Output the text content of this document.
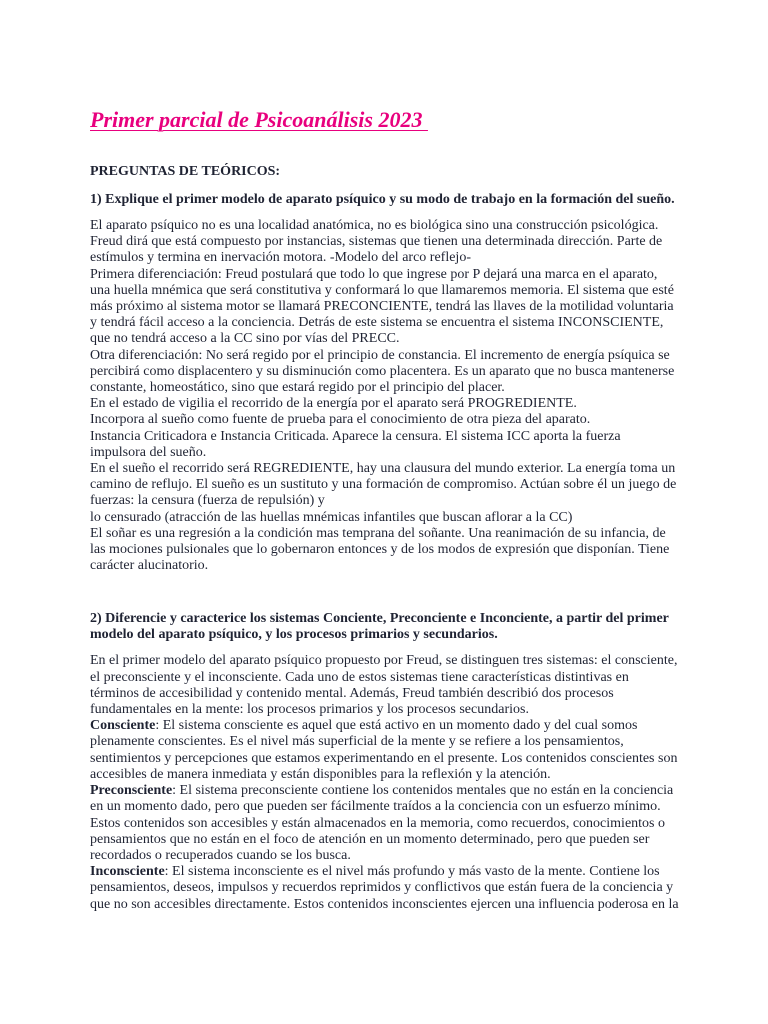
Primer parcial de Psicoanálisis 2023
PREGUNTAS DE TEÓRICOS:
1) Explique el primer modelo de aparato psíquico y su modo de trabajo en la formación del sueño.

El aparato psíquico no es una localidad anatómica, no es biológica sino una construcción psicológica. Freud dirá que está compuesto por instancias, sistemas que tienen una determinada dirección. Parte de estímulos y termina en inervación motora. -Modelo del arco reflejo-

Primera diferenciación: Freud postulará que todo lo que ingrese por P dejará una marca en el aparato, una huella mnémica que será constitutiva y conformará lo que llamaremos memoria. El sistema que esté más próximo al sistema motor se llamará PRECONCIENTE, tendrá las llaves de la motilidad voluntaria y tendrá fácil acceso a la conciencia. Detrás de este sistema se encuentra el sistema INCONSCIENTE, que no tendrá acceso a la CC sino por vías del PRECC.

Otra diferenciación: No será regido por el principio de constancia. El incremento de energía psíquica se percibirá como displacentero y su disminución como placentera. Es un aparato que no busca mantenerse constante, homeostático, sino que estará regido por el principio del placer.

En el estado de vigilia el recorrido de la energía por el aparato será PROGREDIENTE.

Incorpora al sueño como fuente de prueba para el conocimiento de otra pieza del aparato.

Instancia Criticadora e Instancia Criticada. Aparece la censura. El sistema ICC aporta la fuerza impulsora del sueño.

En el sueño el recorrido será REGREDIENTE, hay una clausura del mundo exterior. La energía toma un camino de reflujo. El sueño es un sustituto y una formación de compromiso. Actúan sobre él un juego de fuerzas: la censura (fuerza de repulsión) y

lo censurado (atracción de las huellas mnémicas infantiles que buscan aflorar a la CC)

El soñar es una regresión a la condición mas temprana del soñante. Una reanimación de su infancia, de las mociones pulsionales que lo gobernaron entonces y de los modos de expresión que disponían. Tiene carácter alucinatorio.

2) Diferencie y caracterice los sistemas Conciente, Preconciente e Inconciente, a partir del primer modelo del aparato psíquico, y los procesos primarios y secundarios.

En el primer modelo del aparato psíquico propuesto por Freud, se distinguen tres sistemas: el consciente, el preconsciente y el inconsciente. Cada uno de estos sistemas tiene características distintivas en términos de accesibilidad y contenido mental. Además, Freud también describió dos procesos fundamentales en la mente: los procesos primarios y los procesos secundarios.

Consciente: El sistema consciente es aquel que está activo en un momento dado y del cual somos plenamente conscientes. Es el nivel más superficial de la mente y se refiere a los pensamientos, sentimientos y percepciones que estamos experimentando en el presente. Los contenidos conscientes son accesibles de manera inmediata y están disponibles para la reflexión y la atención.

Preconsciente: El sistema preconsciente contiene los contenidos mentales que no están en la conciencia en un momento dado, pero que pueden ser fácilmente traídos a la conciencia con un esfuerzo mínimo. Estos contenidos son accesibles y están almacenados en la memoria, como recuerdos, conocimientos o pensamientos que no están en el foco de atención en un momento determinado, pero que pueden ser recordados o recuperados cuando se los busca.

Inconsciente: El sistema inconsciente es el nivel más profundo y más vasto de la mente. Contiene los pensamientos, deseos, impulsos y recuerdos reprimidos y conflictivos que están fuera de la conciencia y que no son accesibles directamente. Estos contenidos inconscientes ejercen una influencia poderosa en la
